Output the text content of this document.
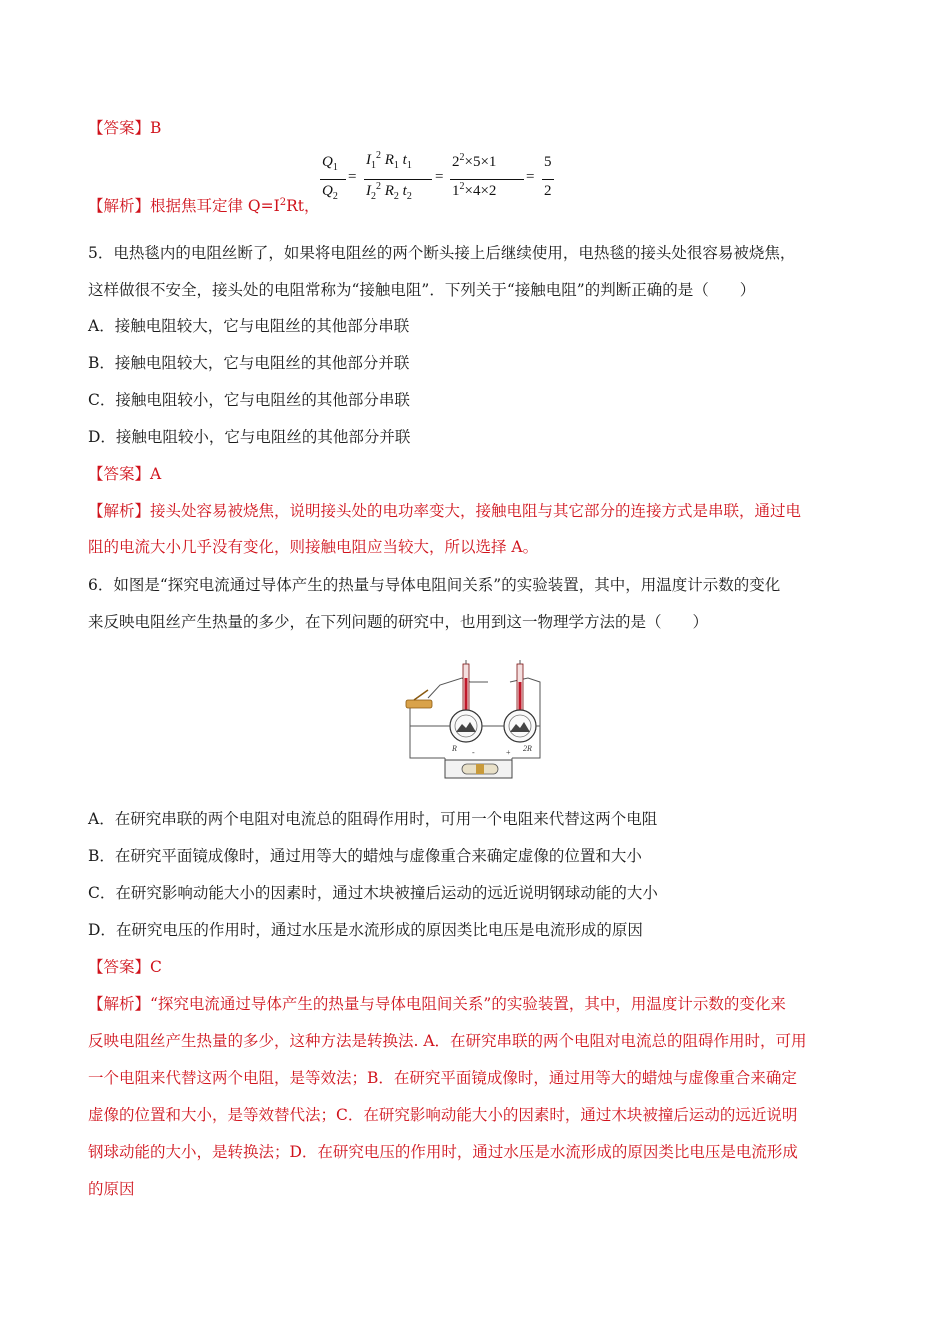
【答案】B
【解析】根据焦耳定律 $Q=I^2Rt$，
$Q_1$
$Q_2$
=
$I_1^2$ $R_1$ $t_1$
$I_2^2$ $R_2$ $t_2$
=
$2^2\times 5\times 1$
$1^2\times 4\times 2$
=
5
2
5．电热毯内的电阻丝断了，如果将电阻丝的两个断头接上后继续使用，电热毯的接头处很容易被烧焦，
这样做很不安全，接头处的电阻常称为“接触电阻”．下列关于“接触电阻”的判断正确的是（　　）
A．接触电阻较大，它与电阻丝的其他部分串联
B．接触电阻较大，它与电阻丝的其他部分并联
C．接触电阻较小，它与电阻丝的其他部分串联
D．接触电阻较小，它与电阻丝的其他部分并联
【答案】A
【解析】接头处容易被烧焦，说明接头处的电功率变大，接触电阻与其它部分的连接方式是串联，通过电
阻的电流大小几乎没有变化，则接触电阻应当较大，所以选择 A。
6．如图是“探究电流通过导体产生的热量与导体电阻间关系”的实验装置，其中，用温度计示数的变化
来反映电阻丝产生热量的多少，在下列问题的研究中，也用到这一物理学方法的是（　　）
R	2R
-	+
A．在研究串联的两个电阻对电流总的阻碍作用时，可用一个电阻来代替这两个电阻
B．在研究平面镜成像时，通过用等大的蜡烛与虚像重合来确定虚像的位置和大小
C．在研究影响动能大小的因素时，通过木块被撞后运动的远近说明钢球动能的大小
D．在研究电压的作用时，通过水压是水流形成的原因类比电压是电流形成的原因
【答案】C
【解析】“探究电流通过导体产生的热量与导体电阻间关系”的实验装置，其中，用温度计示数的变化来
反映电阻丝产生热量的多少，这种方法是转换法. A．在研究串联的两个电阻对电流总的阻碍作用时，可用
一个电阻来代替这两个电阻，是等效法；B．在研究平面镜成像时，通过用等大的蜡烛与虚像重合来确定
虚像的位置和大小，是等效替代法；C．在研究影响动能大小的因素时，通过木块被撞后运动的远近说明
钢球动能的大小，是转换法；D．在研究电压的作用时，通过水压是水流形成的原因类比电压是电流形成
的原因
